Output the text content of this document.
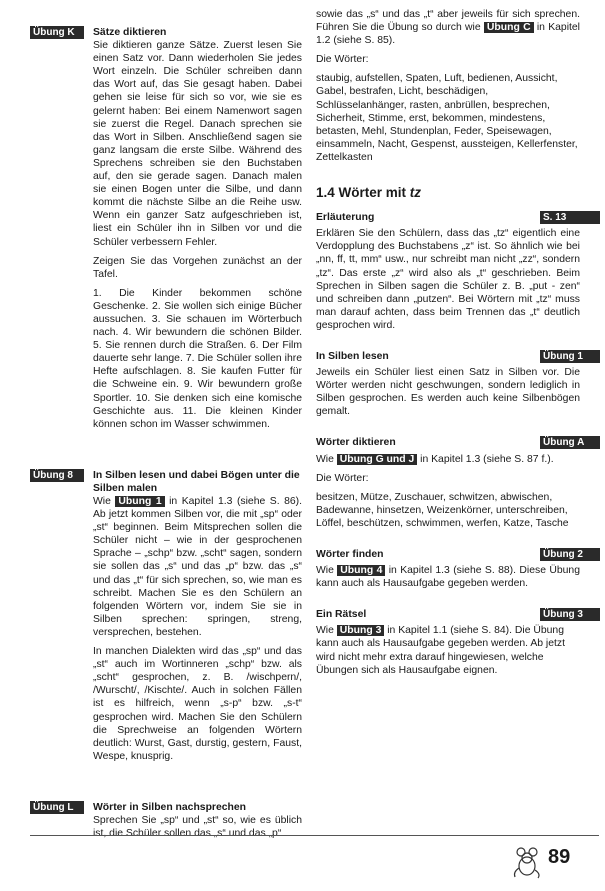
Übung K	Sätze diktieren

Sie diktieren ganze Sätze. Zuerst lesen Sie einen Satz vor. Dann wiederholen Sie jedes Wort einzeln. Die Schüler schreiben dann das Wort auf, das Sie gesagt haben. Dabei gehen sie leise für sich so vor, wie sie es gelernt haben: Bei einem Namenwort sagen sie zuerst die Regel. Danach sprechen sie das Wort in Silben. Anschließend sagen sie ganz langsam die erste Silbe. Während des Sprechens schreiben sie den Buchstaben auf, den sie gerade sagen. Danach malen sie einen Bogen unter die Silbe, und dann kommt die nächste Silbe an die Reihe usw. Wenn ein ganzer Satz aufgeschrieben ist, liest ein Schüler ihn in Silben vor und die Schüler verbessern Fehler.

Zeigen Sie das Vorgehen zunächst an der Tafel.

1. Die Kinder bekommen schöne Geschenke. 2. Sie wollen sich einige Bücher aussuchen. 3. Sie schauen im Wörterbuch nach. 4. Wir bewundern die schönen Bilder. 5. Sie rennen durch die Straßen. 6. Der Film dauerte sehr lange. 7. Die Schüler sollen ihre Hefte aufschlagen. 8. Sie kaufen Futter für die Schweine ein. 9. Wir bewundern große Sportler. 10. Sie denken sich eine komische Geschichte aus. 11. Die kleinen Kinder können schon im Wasser schwimmen.

Übung 8	In Silben lesen und dabei Bögen unter die Silben malen

Wie Übung 1 in Kapitel 1.3 (siehe S. 86). Ab jetzt kommen Silben vor, die mit „sp“ oder „st“ beginnen. Beim Mitsprechen sollen die Schüler nicht – wie in der gesprochenen Sprache – „schp“ bzw. „scht“ sagen, sondern sie sollen das „s“ und das „p“ bzw. das „s“ und das „t“ für sich sprechen, so, wie man es schreibt. Machen Sie es den Schülern an folgenden Wörtern vor, indem Sie sie in Silben sprechen: springen, streng, versprechen, bestehen.

In manchen Dialekten wird das „sp“ und das „st“ auch im Wortinneren „schp“ bzw. als „scht“ gesprochen, z. B. /wischpern/, /Wurscht/, /Kischte/. Auch in solchen Fällen ist es hilfreich, wenn „s-p“ bzw. „s-t“ gesprochen wird. Machen Sie den Schülern die Sprechweise an folgenden Wörtern deutlich: Wurst, Gast, durstig, gestern, Faust, Wespe, knusprig.

Übung L	Wörter in Silben nachsprechen

Sprechen Sie „sp“ und „st“ so, wie es üblich ist, die Schüler sollen das „s“ und das „p“

sowie das „s“ und das „t“ aber jeweils für sich sprechen. Führen Sie die Übung so durch wie Übung C in Kapitel 1.2 (siehe S. 85).

Die Wörter:

staubig, aufstellen, Spaten, Luft, bedienen, Aussicht, Gabel, bestrafen, Licht, beschädigen, Schlüsselanhänger, rasten, anbrüllen, besprechen, Sicherheit, Stimme, erst, bekommen, mindestens, betasten, Mehl, Stundenplan, Feder, Speisewagen, einsammeln, Nacht, Gespenst, aussteigen, Kellerfenster, Zettelkasten

1.4 Wörter mit tz
Erläuterung	S. 13

Erklären Sie den Schülern, dass das „tz“ eigentlich eine Verdopplung des Buchstabens „z“ ist. So ähnlich wie bei „nn, ff, tt, mm“ usw., nur schreibt man nicht „zz“, sondern „tz“. Das erste „z“ wird also als „t“ geschrieben. Beim Sprechen in Silben sagen die Schüler z. B. „put - zen“ und schreiben dann „putzen“. Bei Wörtern mit „tz“ muss man darauf achten, dass beim Trennen das „t“ deutlich gesprochen wird.

In Silben lesen	Übung 1

Jeweils ein Schüler liest einen Satz in Silben vor. Die Wörter werden nicht geschwungen, sondern lediglich in Silben gesprochen. Es werden auch keine Silbenbögen gemalt.

Wörter diktieren	Übung A

Wie Übung G und J in Kapitel 1.3 (siehe S. 87 f.).

Die Wörter:

besitzen, Mütze, Zuschauer, schwitzen, abwischen, Badewanne, hinsetzen, Weizenkörner, unterschreiben, Löffel, beschützen, schwimmen, werfen, Katze, Tasche

Wörter finden	Übung 2

Wie Übung 4 in Kapitel 1.3 (siehe S. 88). Diese Übung kann auch als Hausaufgabe gegeben werden.

Ein Rätsel	Übung 3

Wie Übung 3 in Kapitel 1.1 (siehe S. 84). Die Übung kann auch als Hausaufgabe gegeben werden. Ab jetzt wird nicht mehr extra darauf hingewiesen, welche Übungen sich als Hausaufgabe eignen.

89
